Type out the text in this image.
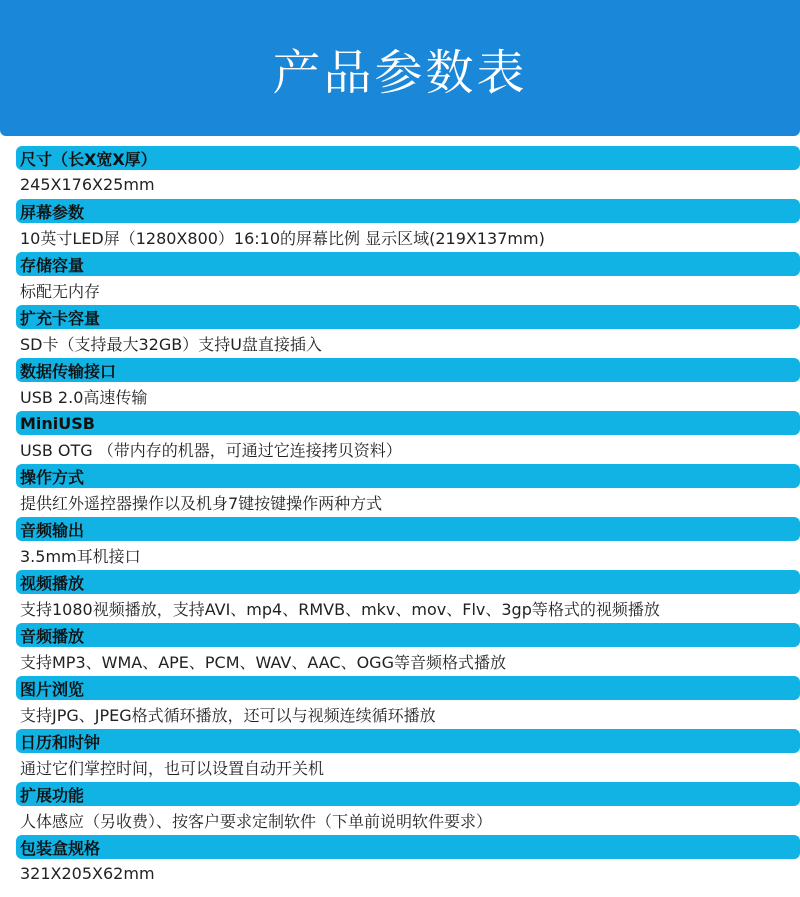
产品参数表
尺寸（长X宽X厚）
245X176X25mm
屏幕参数
10英寸LED屏（1280X800）16:10的屏幕比例 显示区域(219X137mm)
存储容量
标配无内存
扩充卡容量
SD卡（支持最大32GB）支持U盘直接插入
数据传输接口
USB 2.0高速传输
MiniUSB
USB OTG （带内存的机器，可通过它连接拷贝资料）
操作方式
提供红外遥控器操作以及机身7键按键操作两种方式
音频输出
3.5mm耳机接口
视频播放
支持1080视频播放，支持AVI、mp4、RMVB、mkv、mov、Flv、3gp等格式的视频播放
音频播放
支持MP3、WMA、APE、PCM、WAV、AAC、OGG等音频格式播放
图片浏览
支持JPG、JPEG格式循环播放，还可以与视频连续循环播放
日历和时钟
通过它们掌控时间，也可以设置自动开关机
扩展功能
人体感应（另收费）、按客户要求定制软件（下单前说明软件要求）
包装盒规格
321X205X62mm
